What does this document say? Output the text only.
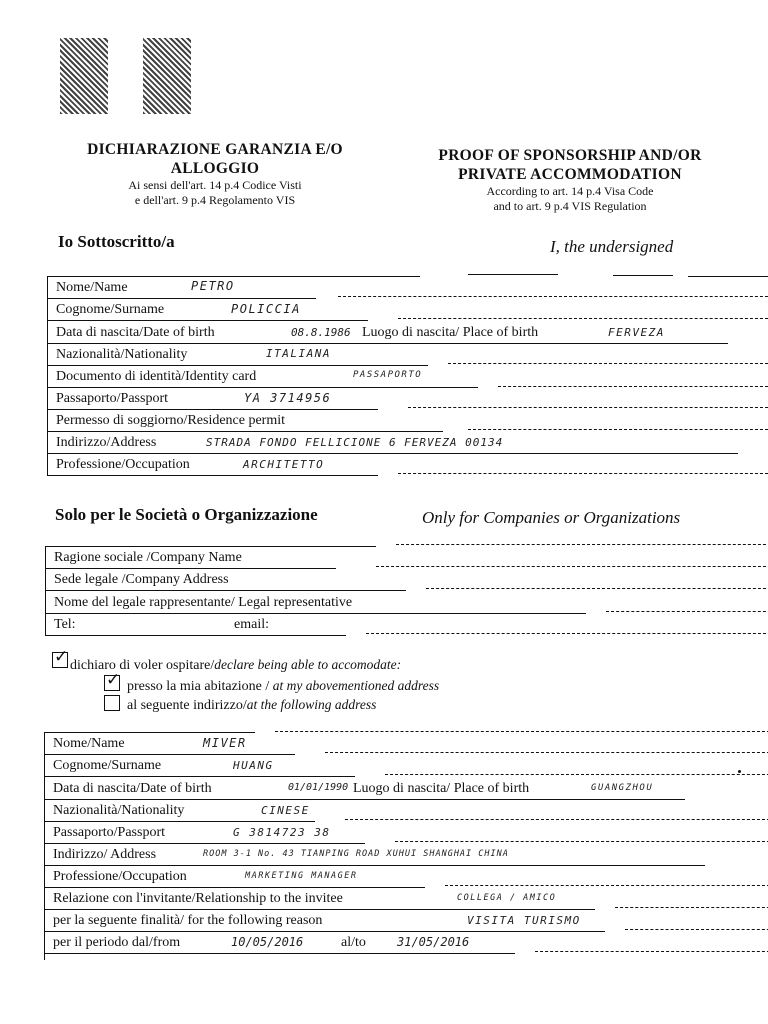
DICHIARAZIONE GARANZIA E/O
ALLOGGIO
Ai sensi dell'art. 14 p.4 Codice Visti
e dell'art. 9 p.4 Regolamento VIS
PROOF OF SPONSORSHIP AND/OR
PRIVATE ACCOMMODATION
According to art. 14 p.4 Visa Code
and to art. 9 p.4 VIS Regulation
Io Sottoscritto/a	I, the undersigned
Nome/Name	PETRO
Cognome/Surname	POLICCIA
Data di nascita/Date of birth	08.8.1986 Luogo di nascita/ Place of birth	FERVEZA
Nazionalità/Nationality	ITALIANA
Documento di identità/Identity card	PASSAPORTO
Passaporto/Passport	YA 3714956
Permesso di soggiorno/Residence permit
Indirizzo/Address	STRADA FONDO FELLICIONE 6 FERVEZA 00134
Professione/Occupation	ARCHITETTO
Solo per le Società o Organizzazione	Only for Companies or Organizations
Ragione sociale /Company Name
Sede legale /Company Address
Nome del legale rappresentante/ Legal representative
Tel:	email:
✓ dichiaro di voler ospitare/declare being able to accomodate:
✓ presso la mia abitazione / at my abovementioned address
al seguente indirizzo/at the following address
Nome/Name	MIVER
Cognome/Surname	HUANG
Data di nascita/Date of birth	01/01/1990 Luogo di nascita/ Place of birth	GUANGZHOU
Nazionalità/Nationality	CINESE
Passaporto/Passport	G 3814723 38
Indirizzo/ Address	ROOM 3-1 No. 43 TIANPING ROAD XUHUI SHANGHAI CHINA
Professione/Occupation	MARKETING MANAGER
Relazione con l'invitante/Relationship to the invitee	COLLEGA / AMICO
per la seguente finalità/ for the following reason	VISITA TURISMO
per il periodo dal/from	10/05/2016	al/to	31/05/2016
